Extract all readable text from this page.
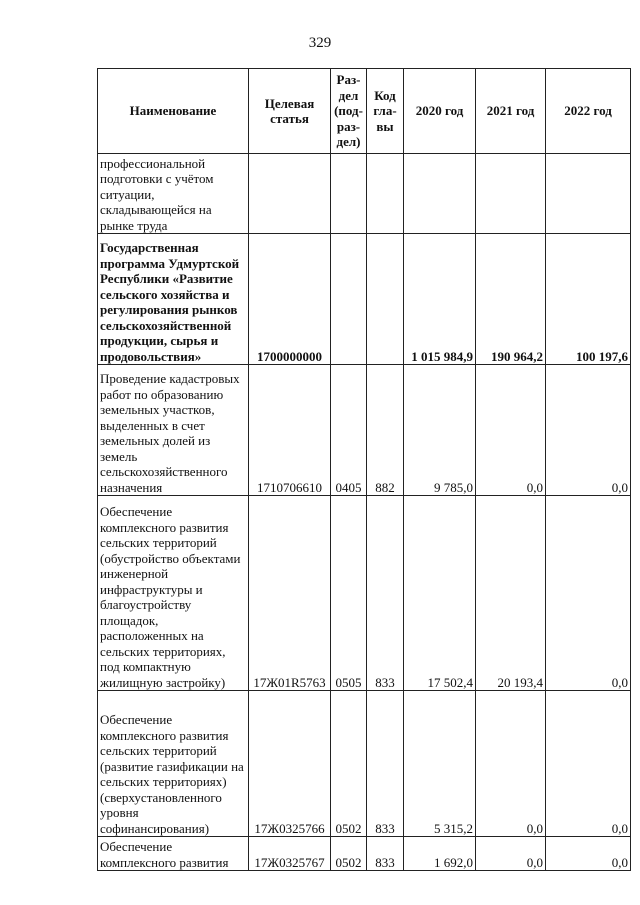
329
Наименование	Целевая статья	Раз-дел (под-раз-дел)	Код гла-вы	2020 год	2021 год	2022 год
профессиональной подготовки с учётом ситуации, складывающейся на рынке труда						
Государственная программа Удмуртской Республики «Развитие сельского хозяйства и регулирования рынков сельскохозяйственной продукции, сырья и продовольствия»	1700000000			1 015 984,9	190 964,2	100 197,6
Проведение кадастровых работ по образованию земельных участков, выделенных в счет земельных долей из земель сельскохозяйственного назначения	1710706610	0405	882	9 785,0	0,0	0,0
Обеспечение комплексного развития сельских территорий (обустройство объектами инженерной инфраструктуры и благоустройству площадок, расположенных на сельских территориях, под компактную жилищную застройку)	17Ж01R5763	0505	833	17 502,4	20 193,4	0,0
Обеспечение комплексного развития сельских территорий (развитие газификации на сельских территориях) (сверхустановленного уровня софинансирования)	17Ж0325766	0502	833	5 315,2	0,0	0,0
Обеспечение комплексного развития	17Ж0325767	0502	833	1 692,0	0,0	0,0
